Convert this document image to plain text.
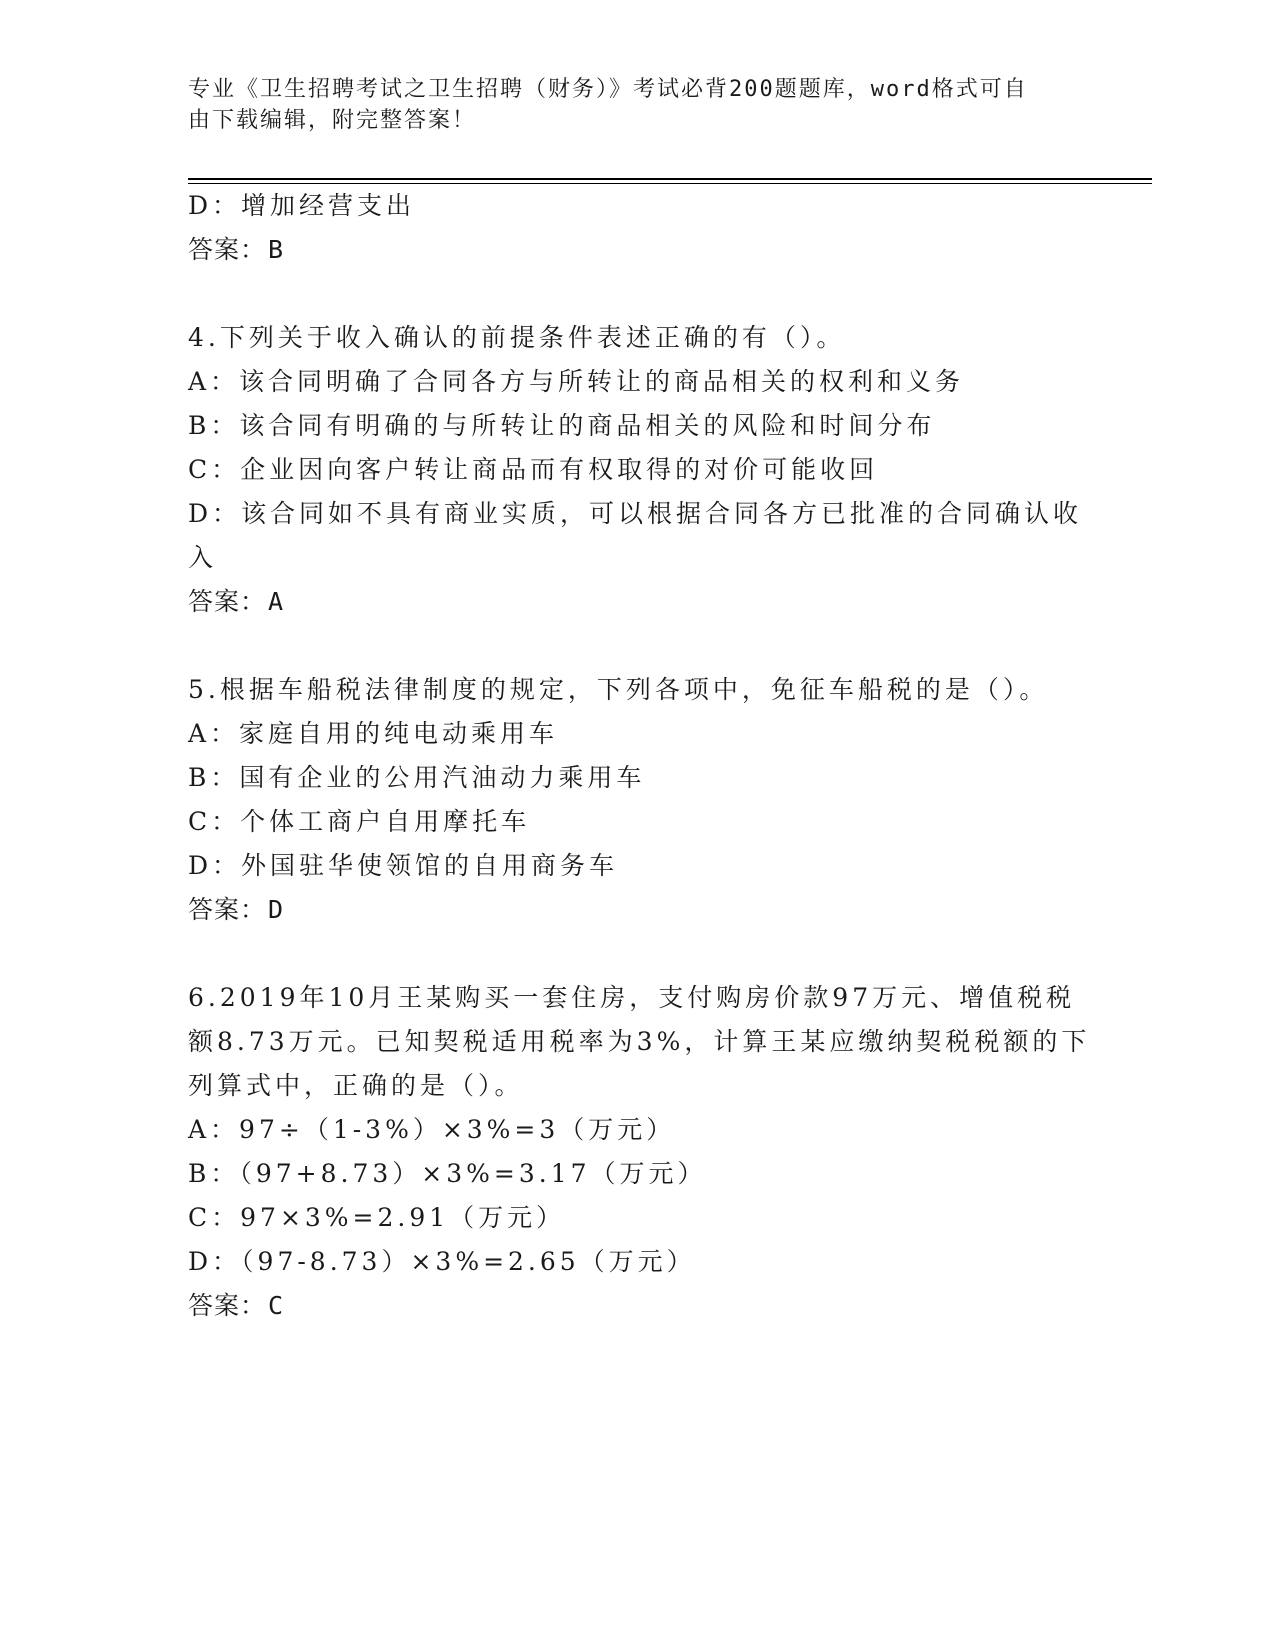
专业《卫生招聘考试之卫生招聘（财务）》考试必背200题题库，word格式可自
由下载编辑，附完整答案！
D：增加经营支出
答案：B
4.下列关于收入确认的前提条件表述正确的有（）。
A：该合同明确了合同各方与所转让的商品相关的权利和义务
B：该合同有明确的与所转让的商品相关的风险和时间分布
C：企业因向客户转让商品而有权取得的对价可能收回
D：该合同如不具有商业实质，可以根据合同各方已批准的合同确认收
入
答案：A
5.根据车船税法律制度的规定，下列各项中，免征车船税的是（）。
A：家庭自用的纯电动乘用车
B：国有企业的公用汽油动力乘用车
C：个体工商户自用摩托车
D：外国驻华使领馆的自用商务车
答案：D
6.2019年10月王某购买一套住房，支付购房价款97万元、增值税税
额8.73万元。已知契税适用税率为3%，计算王某应缴纳契税税额的下
列算式中，正确的是（）。
A：97÷（1-3%）×3%=3（万元）
B：（97+8.73）×3%=3.17（万元）
C：97×3%=2.91（万元）
D：（97-8.73）×3%=2.65（万元）
答案：C
